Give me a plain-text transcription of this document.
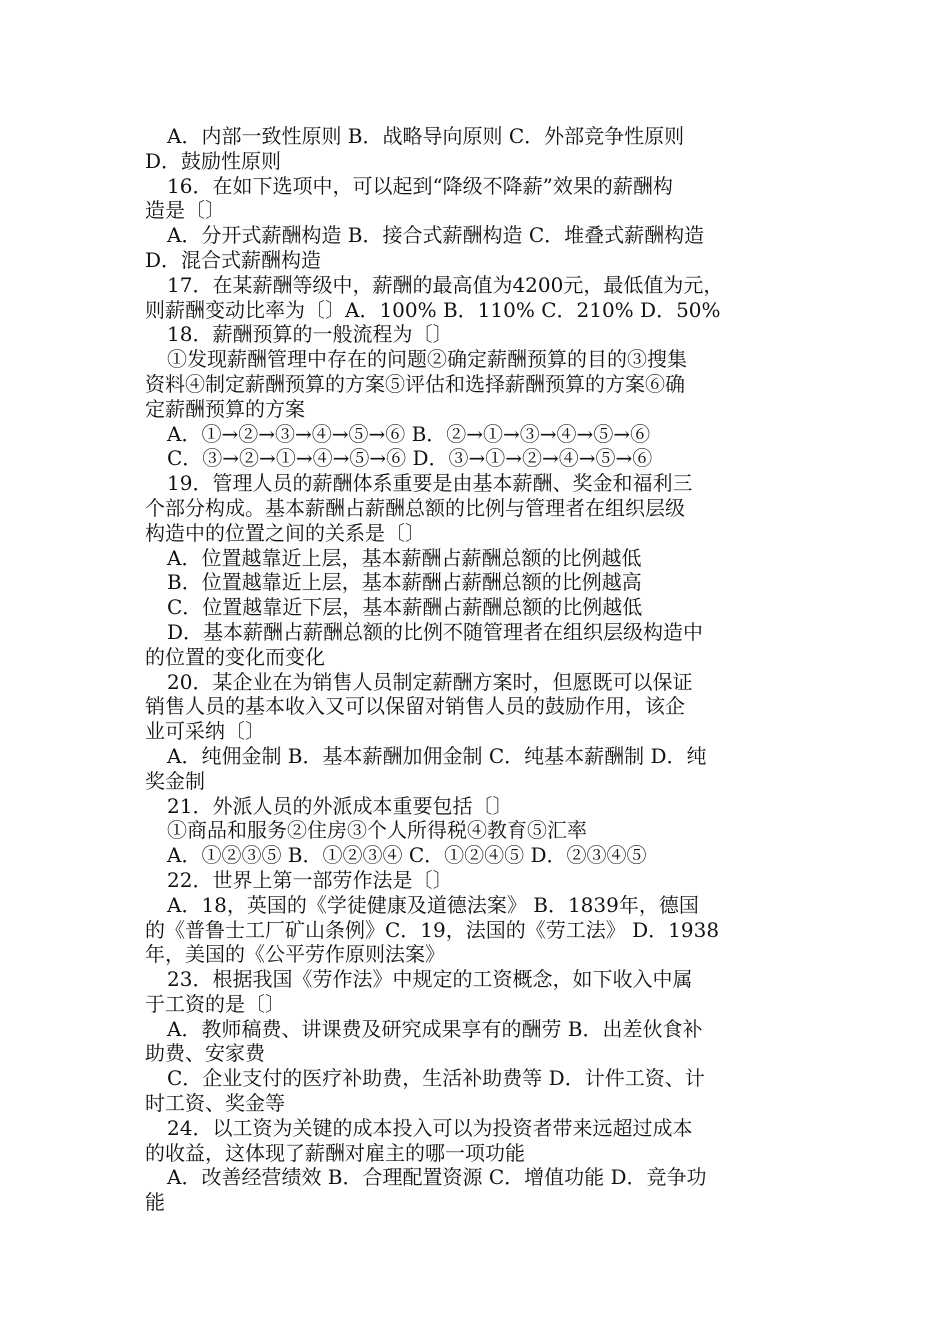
A．内部一致性原则 B．战略导向原则 C．外部竞争性原则
D．鼓励性原则
16．在如下选项中，可以起到“降级不降薪”效果的薪酬构
造是〔〕
A．分开式薪酬构造 B．接合式薪酬构造 C．堆叠式薪酬构造
D．混合式薪酬构造
17．在某薪酬等级中，薪酬的最高值为4200元，最低值为元，
则薪酬变动比率为〔〕A．100% B．110% C．210% D．50%
18．薪酬预算的一般流程为〔〕
①发现薪酬管理中存在的问题②确定薪酬预算的目的③搜集
资料④制定薪酬预算的方案⑤评估和选择薪酬预算的方案⑥确
定薪酬预算的方案
A．①→②→③→④→⑤→⑥ B．②→①→③→④→⑤→⑥
C．③→②→①→④→⑤→⑥ D．③→①→②→④→⑤→⑥
19．管理人员的薪酬体系重要是由基本薪酬、奖金和福利三
个部分构成。基本薪酬占薪酬总额的比例与管理者在组织层级
构造中的位置之间的关系是〔〕
A．位置越靠近上层，基本薪酬占薪酬总额的比例越低
B．位置越靠近上层，基本薪酬占薪酬总额的比例越高
C．位置越靠近下层，基本薪酬占薪酬总额的比例越低
D．基本薪酬占薪酬总额的比例不随管理者在组织层级构造中
的位置的变化而变化
20．某企业在为销售人员制定薪酬方案时，但愿既可以保证
销售人员的基本收入又可以保留对销售人员的鼓励作用，该企
业可采纳〔〕
A．纯佣金制 B．基本薪酬加佣金制 C．纯基本薪酬制 D．纯
奖金制
21．外派人员的外派成本重要包括〔〕
①商品和服务②住房③个人所得税④教育⑤汇率
A．①②③⑤ B．①②③④ C．①②④⑤ D．②③④⑤
22．世界上第一部劳作法是〔〕
A．18，英国的《学徒健康及道德法案》 B．1839年，德国
的《普鲁士工厂矿山条例》C．19，法国的《劳工法》 D．1938
年，美国的《公平劳作原则法案》
23．根据我国《劳作法》中规定的工资概念，如下收入中属
于工资的是〔〕
A．教师稿费、讲课费及研究成果享有的酬劳 B．出差伙食补
助费、安家费
C．企业支付的医疗补助费，生活补助费等 D．计件工资、计
时工资、奖金等
24．以工资为关键的成本投入可以为投资者带来远超过成本
的收益，这体现了薪酬对雇主的哪一项功能
A．改善经营绩效 B．合理配置资源 C．增值功能 D．竞争功
能
